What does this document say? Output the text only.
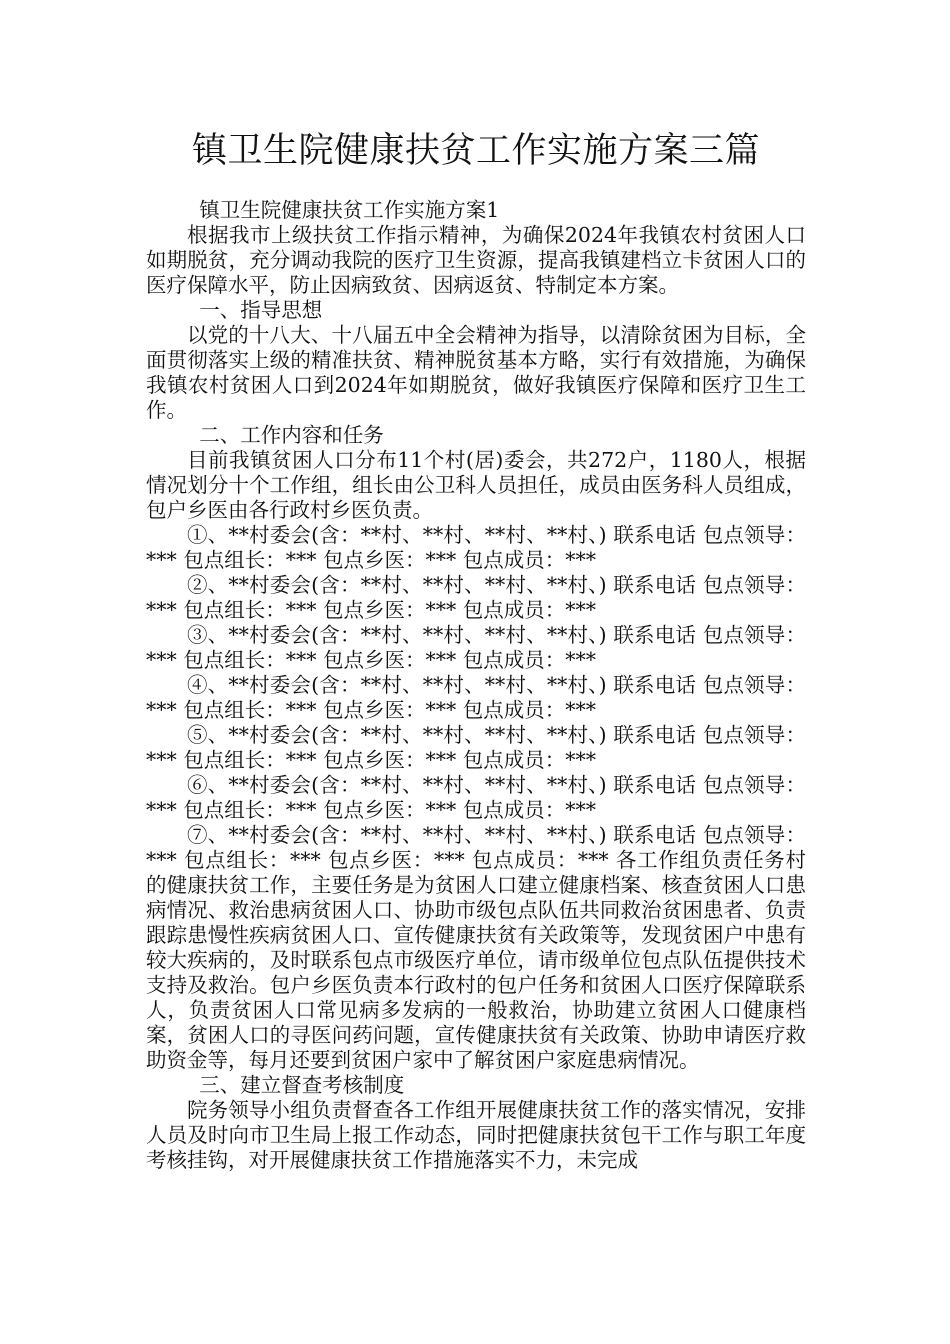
镇卫生院健康扶贫工作实施方案三篇

镇卫生院健康扶贫工作实施方案1

根据我市上级扶贫工作指示精神，为确保2024年我镇农村贫困人口如期脱贫，充分调动我院的医疗卫生资源，提高我镇建档立卡贫困人口的医疗保障水平，防止因病致贫、因病返贫、特制定本方案。

一、指导思想

以党的十八大、十八届五中全会精神为指导，以清除贫困为目标，全面贯彻落实上级的精准扶贫、精神脱贫基本方略，实行有效措施，为确保我镇农村贫困人口到2024年如期脱贫，做好我镇医疗保障和医疗卫生工作。

二、工作内容和任务

目前我镇贫困人口分布11个村(居)委会，共272户，1180人，根据情况划分十个工作组，组长由公卫科人员担任，成员由医务科人员组成，包户乡医由各行政村乡医负责。

①、**村委会(含：**村、**村、**村、**村、) 联系电话 包点领导：*** 包点组长：*** 包点乡医：*** 包点成员：***

②、**村委会(含：**村、**村、**村、**村、) 联系电话 包点领导：*** 包点组长：*** 包点乡医：*** 包点成员：***

③、**村委会(含：**村、**村、**村、**村、) 联系电话 包点领导：*** 包点组长：*** 包点乡医：*** 包点成员：***

④、**村委会(含：**村、**村、**村、**村、) 联系电话 包点领导：*** 包点组长：*** 包点乡医：*** 包点成员：***

⑤、**村委会(含：**村、**村、**村、**村、) 联系电话 包点领导：*** 包点组长：*** 包点乡医：*** 包点成员：***

⑥、**村委会(含：**村、**村、**村、**村、) 联系电话 包点领导：*** 包点组长：*** 包点乡医：*** 包点成员：***

⑦、**村委会(含：**村、**村、**村、**村、) 联系电话 包点领导：*** 包点组长：*** 包点乡医：*** 包点成员：*** 各工作组负责任务村的健康扶贫工作，主要任务是为贫困人口建立健康档案、核查贫困人口患病情况、救治患病贫困人口、协助市级包点队伍共同救治贫困患者、负责跟踪患慢性疾病贫困人口、宣传健康扶贫有关政策等，发现贫困户中患有较大疾病的，及时联系包点市级医疗单位，请市级单位包点队伍提供技术支持及救治。包户乡医负责本行政村的包户任务和贫困人口医疗保障联系人，负责贫困人口常见病多发病的一般救治，协助建立贫困人口健康档案，贫困人口的寻医问药问题，宣传健康扶贫有关政策、协助申请医疗救助资金等，每月还要到贫困户家中了解贫困户家庭患病情况。

三、建立督查考核制度

院务领导小组负责督查各工作组开展健康扶贫工作的落实情况，安排人员及时向市卫生局上报工作动态，同时把健康扶贫包干工作与职工年度考核挂钩，对开展健康扶贫工作措施落实不力，未完成
